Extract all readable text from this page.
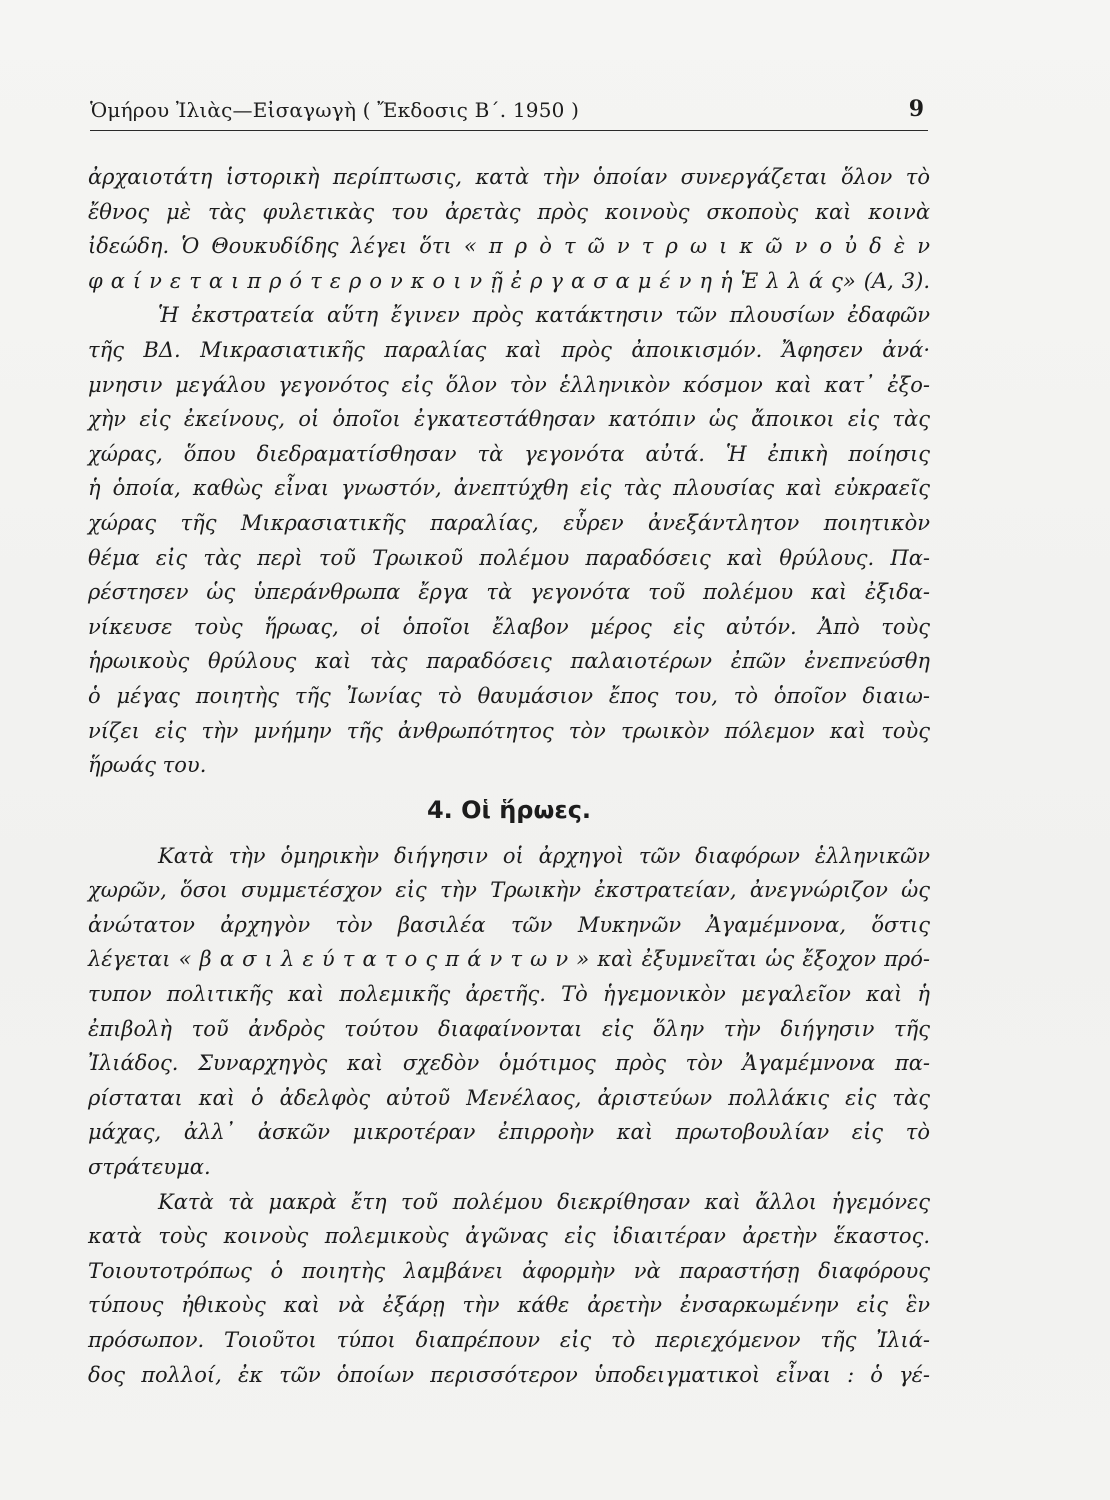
Ὁμήρου Ἰλιὰς—Εἰσαγωγὴ ( Ἔκδοσις Β΄. 1950 )	9
ἀρχαιοτάτη ἱστορικὴ περίπτωσις, κατὰ τὴν ὁποίαν συνεργάζεται ὅλον τὸ
ἔθνος μὲ τὰς φυλετικὰς του ἀρετὰς πρὸς κοινοὺς σκοποὺς καὶ κοινὰ
ἰδεώδη. Ὁ Θουκυδίδης λέγει ὅτι « π ρ ὸ τ ῶ ν τ ρ ω ι κ ῶ ν ο ὐ δ ὲ ν
φ α ί ν ε τ α ι π ρ ό τ ε ρ ο ν κ ο ι ν ῇ ἐ ρ γ α σ α μ έ ν η ἡ Ἑ λ λ ά ς» (Α, 3).
Ἡ ἐκστρατεία αὕτη ἔγινεν πρὸς κατάκτησιν τῶν πλουσίων ἐδαφῶν
τῆς ΒΔ. Μικρασιατικῆς παραλίας καὶ πρὸς ἀποικισμόν. Ἄφησεν ἀνά·
μνησιν μεγάλου γεγονότος εἰς ὅλον τὸν ἑλληνικὸν κόσμον καὶ κατ᾽ ἐξο-
χὴν εἰς ἐκείνους, οἱ ὁποῖοι ἐγκατεστάθησαν κατόπιν ὡς ἄποικοι εἰς τὰς
χώρας, ὅπου διεδραματίσθησαν τὰ γεγονότα αὐτά. Ἡ ἐπικὴ ποίησις
ἡ ὁποία, καθὼς εἶναι γνωστόν, ἀνεπτύχθη εἰς τὰς πλουσίας καὶ εὐκραεῖς
χώρας τῆς Μικρασιατικῆς παραλίας, εὗρεν ἀνεξάντλητον ποιητικὸν
θέμα εἰς τὰς περὶ τοῦ Τρωικοῦ πολέμου παραδόσεις καὶ θρύλους. Πα-
ρέστησεν ὡς ὑπεράνθρωπα ἔργα τὰ γεγονότα τοῦ πολέμου καὶ ἐξιδα-
νίκευσε τοὺς ἥρωας, οἱ ὁποῖοι ἔλαβον μέρος εἰς αὐτόν. Ἀπὸ τοὺς
ἡρωικοὺς θρύλους καὶ τὰς παραδόσεις παλαιοτέρων ἐπῶν ἐνεπνεύσθη
ὁ μέγας ποιητὴς τῆς Ἰωνίας τὸ θαυμάσιον ἔπος του, τὸ ὁποῖον διαιω-
νίζει εἰς τὴν μνήμην τῆς ἀνθρωπότητος τὸν τρωικὸν πόλεμον καὶ τοὺς
ἥρωάς του.
4. Οἱ ἥρωες.
Κατὰ τὴν ὁμηρικὴν διήγησιν οἱ ἀρχηγοὶ τῶν διαφόρων ἑλληνικῶν
χωρῶν, ὅσοι συμμετέσχον εἰς τὴν Τρωικὴν ἐκστρατείαν, ἀνεγνώριζον ὡς
ἀνώτατον ἀρχηγὸν τὸν βασιλέα τῶν Μυκηνῶν Ἀγαμέμνονα, ὅστις
λέγεται « β α σ ι λ ε ύ τ α τ ο ς π ά ν τ ω ν » καὶ ἐξυμνεῖται ὡς ἔξοχον πρό-
τυπον πολιτικῆς καὶ πολεμικῆς ἀρετῆς. Τὸ ἡγεμονικὸν μεγαλεῖον καὶ ἡ
ἐπιβολὴ τοῦ ἀνδρὸς τούτου διαφαίνονται εἰς ὅλην τὴν διήγησιν τῆς
Ἰλιάδος. Συναρχηγὸς καὶ σχεδὸν ὁμότιμος πρὸς τὸν Ἀγαμέμνονα πα-
ρίσταται καὶ ὁ ἀδελφὸς αὐτοῦ Μενέλαος, ἀριστεύων πολλάκις εἰς τὰς
μάχας, ἀλλ᾽ ἀσκῶν μικροτέραν ἐπιρροὴν καὶ πρωτοβουλίαν εἰς τὸ
στράτευμα.
Κατὰ τὰ μακρὰ ἔτη τοῦ πολέμου διεκρίθησαν καὶ ἄλλοι ἡγεμόνες
κατὰ τοὺς κοινοὺς πολεμικοὺς ἀγῶνας εἰς ἰδιαιτέραν ἀρετὴν ἕκαστος.
Τοιουτοτρόπως ὁ ποιητὴς λαμβάνει ἀφορμὴν νὰ παραστήσῃ διαφόρους
τύπους ἠθικοὺς καὶ νὰ ἐξάρῃ τὴν κάθε ἀρετὴν ἐνσαρκωμένην εἰς ἓν
πρόσωπον. Τοιοῦτοι τύποι διαπρέπουν εἰς τὸ περιεχόμενον τῆς Ἰλιά-
δος πολλοί, ἐκ τῶν ὁποίων περισσότερον ὑποδειγματικοὶ εἶναι : ὁ γέ-
